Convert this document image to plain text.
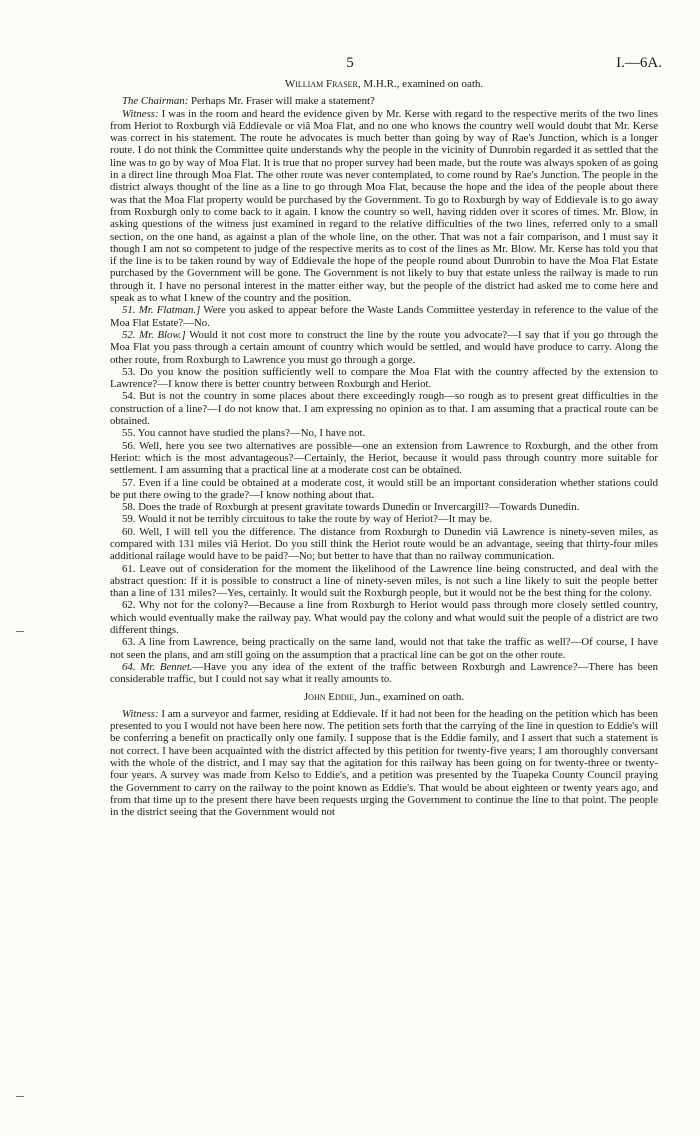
5	I.—6A.
William Fraser, M.H.R., examined on oath.

The Chairman: Perhaps Mr. Fraser will make a statement?

Witness: I was in the room and heard the evidence given by Mr. Kerse with regard to the respective merits of the two lines from Heriot to Roxburgh viâ Eddievale or viâ Moa Flat, and no one who knows the country well would doubt that Mr. Kerse was correct in his statement. The route he advocates is much better than going by way of Rae's Junction, which is a longer route. I do not think the Committee quite understands why the people in the vicinity of Dunrobin regarded it as settled that the line was to go by way of Moa Flat. It is true that no proper survey had been made, but the route was always spoken of as going in a direct line through Moa Flat. The other route was never contemplated, to come round by Rae's Junction. The people in the district always thought of the line as a line to go through Moa Flat, because the hope and the idea of the people about there was that the Moa Flat property would be purchased by the Government. To go to Roxburgh by way of Eddievale is to go away from Roxburgh only to come back to it again. I know the country so well, having ridden over it scores of times. Mr. Blow, in asking questions of the witness just examined in regard to the relative difficulties of the two lines, referred only to a small section, on the one hand, as against a plan of the whole line, on the other. That was not a fair comparison, and I must say it though I am not so competent to judge of the respective merits as to cost of the lines as Mr. Blow. Mr. Kerse has told you that if the line is to be taken round by way of Eddievale the hope of the people round about Dunrobin to have the Moa Flat Estate purchased by the Government will be gone. The Government is not likely to buy that estate unless the railway is made to run through it. I have no personal interest in the matter either way, but the people of the district had asked me to come here and speak as to what I knew of the country and the position.

51. Mr. Flatman.] Were you asked to appear before the Waste Lands Committee yesterday in reference to the value of the Moa Flat Estate?—No.

52. Mr. Blow.] Would it not cost more to construct the line by the route you advocate?—I say that if you go through the Moa Flat you pass through a certain amount of country which would be settled, and would have produce to carry. Along the other route, from Roxburgh to Lawrence you must go through a gorge.

53. Do you know the position sufficiently well to compare the Moa Flat with the country affected by the extension to Lawrence?—I know there is better country between Roxburgh and Heriot.

54. But is not the country in some places about there exceedingly rough—so rough as to present great difficulties in the construction of a line?—I do not know that. I am expressing no opinion as to that. I am assuming that a practical route can be obtained.

55. You cannot have studied the plans?—No, I have not.

56. Well, here you see two alternatives are possible—one an extension from Lawrence to Roxburgh, and the other from Heriot: which is the most advantageous?—Certainly, the Heriot, because it would pass through country more suitable for settlement. I am assuming that a practical line at a moderate cost can be obtained.

57. Even if a line could be obtained at a moderate cost, it would still be an important consideration whether stations could be put there owing to the grade?—I know nothing about that.

58. Does the trade of Roxburgh at present gravitate towards Dunedin or Invercargill?—Towards Dunedin.

59. Would it not be terribly circuitous to take the route by way of Heriot?—It may be.

60. Well, I will tell you the difference. The distance from Roxburgh to Dunedin viâ Lawrence is ninety-seven miles, as compared with 131 miles viâ Heriot. Do you still think the Heriot route would be an advantage, seeing that thirty-four miles additional railage would have to be paid?—No; but better to have that than no railway communication.

61. Leave out of consideration for the moment the likelihood of the Lawrence line being constructed, and deal with the abstract question: If it is possible to construct a line of ninety-seven miles, is not such a line likely to suit the people better than a line of 131 miles?—Yes, certainly. It would suit the Roxburgh people, but it would not be the best thing for the colony.

62. Why not for the colony?—Because a line from Roxburgh to Heriot would pass through more closely settled country, which would eventually make the railway pay. What would pay the colony and what would suit the people of a district are two different things.

63. A line from Lawrence, being practically on the same land, would not that take the traffic as well?—Of course, I have not seen the plans, and am still going on the assumption that a practical line can be got on the other route.

64. Mr. Bennet.—Have you any idea of the extent of the traffic between Roxburgh and Lawrence?—There has been considerable traffic, but I could not say what it really amounts to.

John Eddie, Jun., examined on oath.

Witness: I am a surveyor and farmer, residing at Eddievale. If it had not been for the heading on the petition which has been presented to you I would not have been here now. The petition sets forth that the carrying of the line in question to Eddie's will be conferring a benefit on practically only one family. I suppose that is the Eddie family, and I assert that such a statement is not correct. I have been acquainted with the district affected by this petition for twenty-five years; I am thoroughly conversant with the whole of the district, and I may say that the agitation for this railway has been going on for twenty-three or twenty-four years. A survey was made from Kelso to Eddie's, and a petition was presented by the Tuapeka County Council praying the Government to carry on the railway to the point known as Eddie's. That would be about eighteen or twenty years ago, and from that time up to the present there have been requests urging the Government to continue the line to that point. The people in the district seeing that the Government would not
